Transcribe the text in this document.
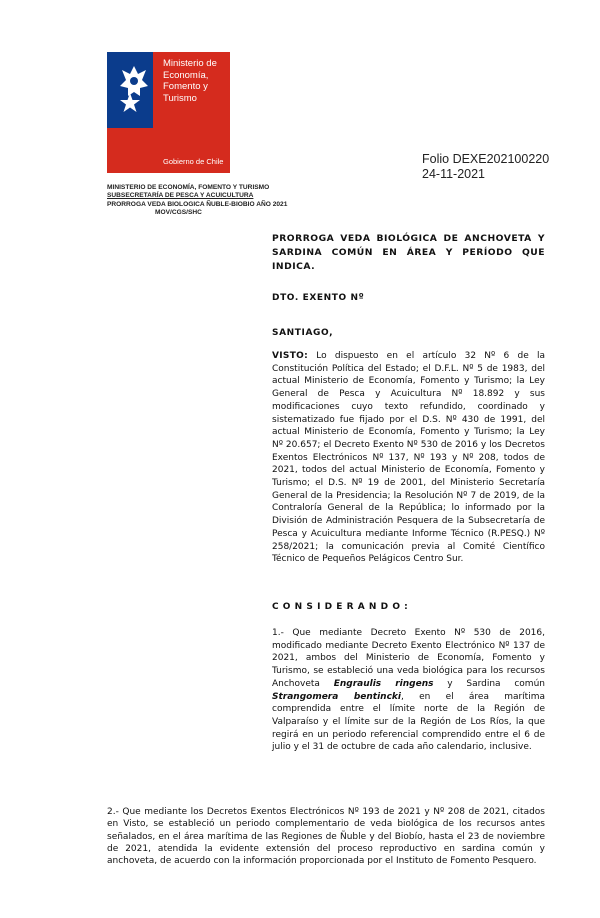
Ministerio de
Economía,
Fomento y
Turismo
Gobierno de Chile	Folio DEXE202100220
24-11-2021
MINISTERIO DE ECONOMÍA, FOMENTO Y TURISMO
SUBSECRETARÍA DE PESCA Y ACUICULTURA
PRORROGA VEDA BIOLOGICA ÑUBLE-BIOBIO AÑO 2021
MOV/CGS/SHC
PRORROGA VEDA BIOLÓGICA DE ANCHOVETA Y SARDINA COMÚN EN ÁREA Y PERÍODO QUE INDICA.
DTO. EXENTO Nº
SANTIAGO,
VISTO: Lo dispuesto en el artículo 32 Nº 6 de la Constitución Política del Estado; el D.F.L. Nº 5 de 1983, del actual Ministerio de Economía, Fomento y Turismo; la Ley General de Pesca y Acuicultura Nº 18.892 y sus modificaciones cuyo texto refundido, coordinado y sistematizado fue fijado por el D.S. Nº 430 de 1991, del actual Ministerio de Economía, Fomento y Turismo; la Ley Nº 20.657; el Decreto Exento Nº 530 de 2016 y los Decretos Exentos Electrónicos Nº 137, Nº 193 y Nº 208, todos de 2021, todos del actual Ministerio de Economía, Fomento y Turismo; el D.S. Nº 19 de 2001, del Ministerio Secretaría General de la Presidencia; la Resolución Nº 7 de 2019, de la Contraloría General de la República; lo informado por la División de Administración Pesquera de la Subsecretaría de Pesca y Acuicultura mediante Informe Técnico (R.PESQ.) Nº 258/2021; la comunicación previa al Comité Científico Técnico de Pequeños Pelágicos Centro Sur.
CONSIDERANDO:
1.- Que mediante Decreto Exento Nº 530 de 2016, modificado mediante Decreto Exento Electrónico Nº 137 de 2021, ambos del Ministerio de Economía, Fomento y Turismo, se estableció una veda biológica para los recursos Anchoveta Engraulis ringens y Sardina común Strangomera bentincki, en el área marítima comprendida entre el límite norte de la Región de Valparaíso y el límite sur de la Región de Los Ríos, la que regirá en un periodo referencial comprendido entre el 6 de julio y el 31 de octubre de cada año calendario, inclusive.
2.- Que mediante los Decretos Exentos Electrónicos Nº 193 de 2021 y Nº 208 de 2021, citados en Visto, se estableció un periodo complementario de veda biológica de los recursos antes señalados, en el área marítima de las Regiones de Ñuble y del Biobío, hasta el 23 de noviembre de 2021, atendida la evidente extensión del proceso reproductivo en sardina común y anchoveta, de acuerdo con la información proporcionada por el Instituto de Fomento Pesquero.
